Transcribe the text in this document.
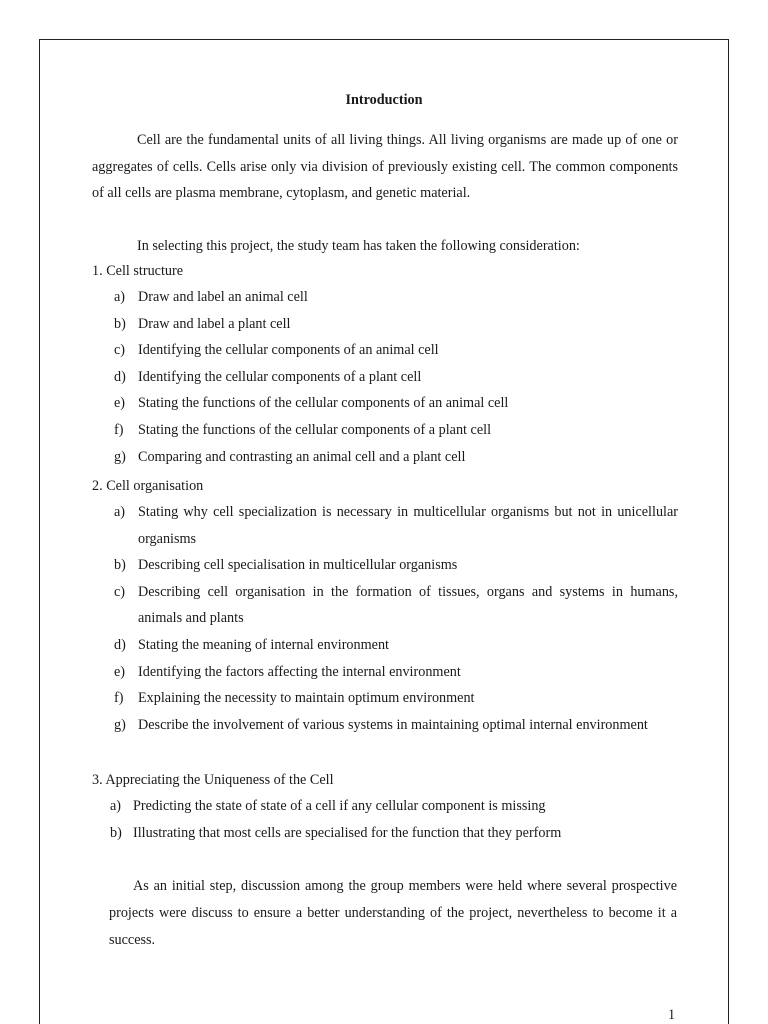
Introduction
Cell are the fundamental units of all living things. All living organisms are made up of one or aggregates of cells. Cells arise only via division of previously existing cell. The common components of all cells are plasma membrane, cytoplasm, and genetic material.
In selecting this project, the study team has taken the following consideration:
1. Cell structure
a) Draw and label an animal cell
b) Draw and label a plant cell
c) Identifying the cellular components of an animal cell
d) Identifying the cellular components of a plant cell
e) Stating the functions of the cellular components of an animal cell
f) Stating the functions of the cellular components of a plant cell
g) Comparing and contrasting an animal cell and a plant cell
2. Cell organisation
a) Stating why cell specialization is necessary in multicellular organisms but not in unicellular organisms
b) Describing cell specialisation in multicellular organisms
c) Describing cell organisation in the formation of tissues, organs and systems in humans, animals and plants
d) Stating the meaning of internal environment
e) Identifying the factors affecting the internal environment
f) Explaining the necessity to maintain optimum environment
g) Describe the involvement of various systems in maintaining optimal internal environment
3. Appreciating the Uniqueness of the Cell
a) Predicting the state of state of a cell if any cellular component is missing
b) Illustrating that most cells are specialised for the function that they perform
As an initial step, discussion among the group members were held where several prospective projects were discuss to ensure a better understanding of the project, nevertheless to become it a success.
1
